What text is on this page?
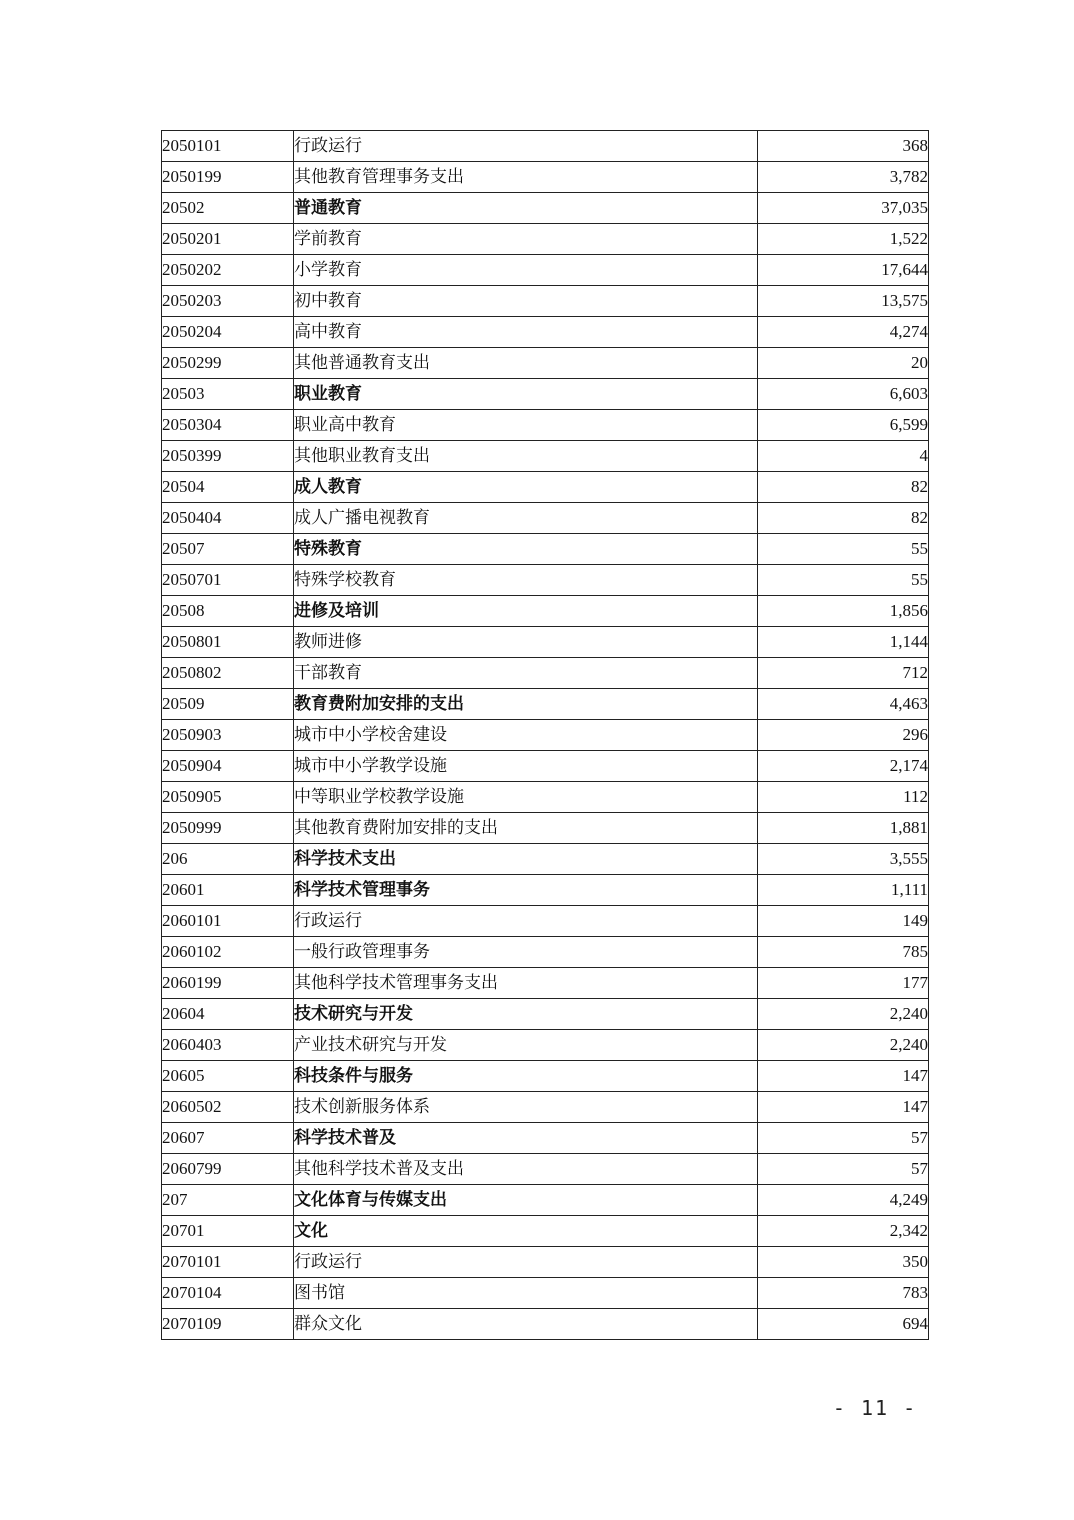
2050101	行政运行	368
2050199	其他教育管理事务支出	3,782
20502	普通教育	37,035
2050201	学前教育	1,522
2050202	小学教育	17,644
2050203	初中教育	13,575
2050204	高中教育	4,274
2050299	其他普通教育支出	20
20503	职业教育	6,603
2050304	职业高中教育	6,599
2050399	其他职业教育支出	4
20504	成人教育	82
2050404	成人广播电视教育	82
20507	特殊教育	55
2050701	特殊学校教育	55
20508	进修及培训	1,856
2050801	教师进修	1,144
2050802	干部教育	712
20509	教育费附加安排的支出	4,463
2050903	城市中小学校舍建设	296
2050904	城市中小学教学设施	2,174
2050905	中等职业学校教学设施	112
2050999	其他教育费附加安排的支出	1,881
206	科学技术支出	3,555
20601	科学技术管理事务	1,111
2060101	行政运行	149
2060102	一般行政管理事务	785
2060199	其他科学技术管理事务支出	177
20604	技术研究与开发	2,240
2060403	产业技术研究与开发	2,240
20605	科技条件与服务	147
2060502	技术创新服务体系	147
20607	科学技术普及	57
2060799	其他科学技术普及支出	57
207	文化体育与传媒支出	4,249
20701	文化	2,342
2070101	行政运行	350
2070104	图书馆	783
2070109	群众文化	694
- 11 -
